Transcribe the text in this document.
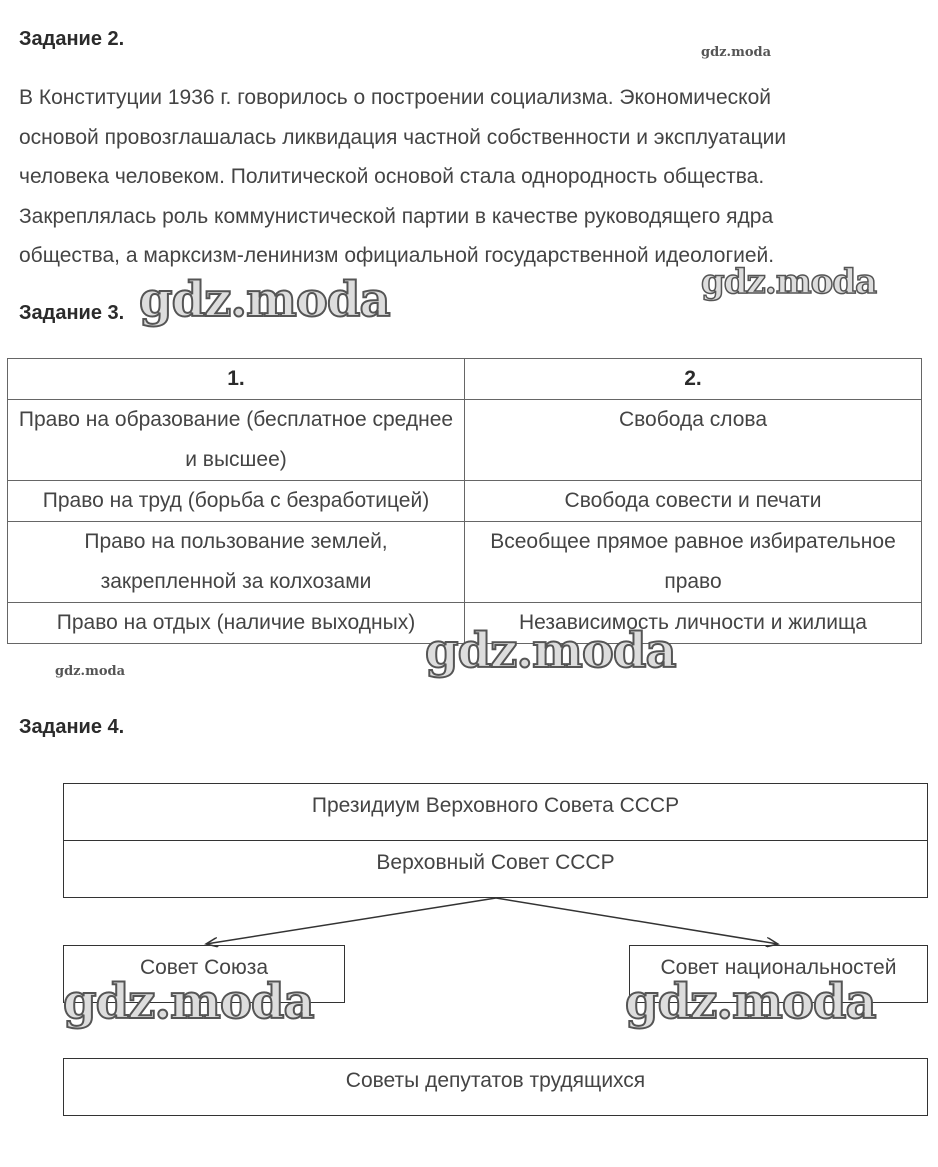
Задание 2.
gdz.moda
В Конституции 1936 г. говорилось о построении социализма. Экономической
основой провозглашалась ликвидация частной собственности и эксплуатации
человека человеком. Политической основой стала однородность общества.
Закреплялась роль коммунистической партии в качестве руководящего ядра
общества, а марксизм-ленинизм официальной государственной идеологией.
Задание 3. gdz.moda	gdz.moda
1.	2.
Право на образование (бесплатное среднее и высшее)	Свобода слова
Право на труд (борьба с безработицей)	Свобода совести и печати
Право на пользование землей, закрепленной за колхозами	Всеобщее прямое равное избирательное право
Право на отдых (наличие выходных)	Независимость личности и жилища
gdz.moda	gdz.moda
Задание 4.
Президиум Верховного Совета СССР
Верховный Совет СССР
Совет Союза	Совет национальностей
gdz.moda	gdz.moda
Советы депутатов трудящихся
